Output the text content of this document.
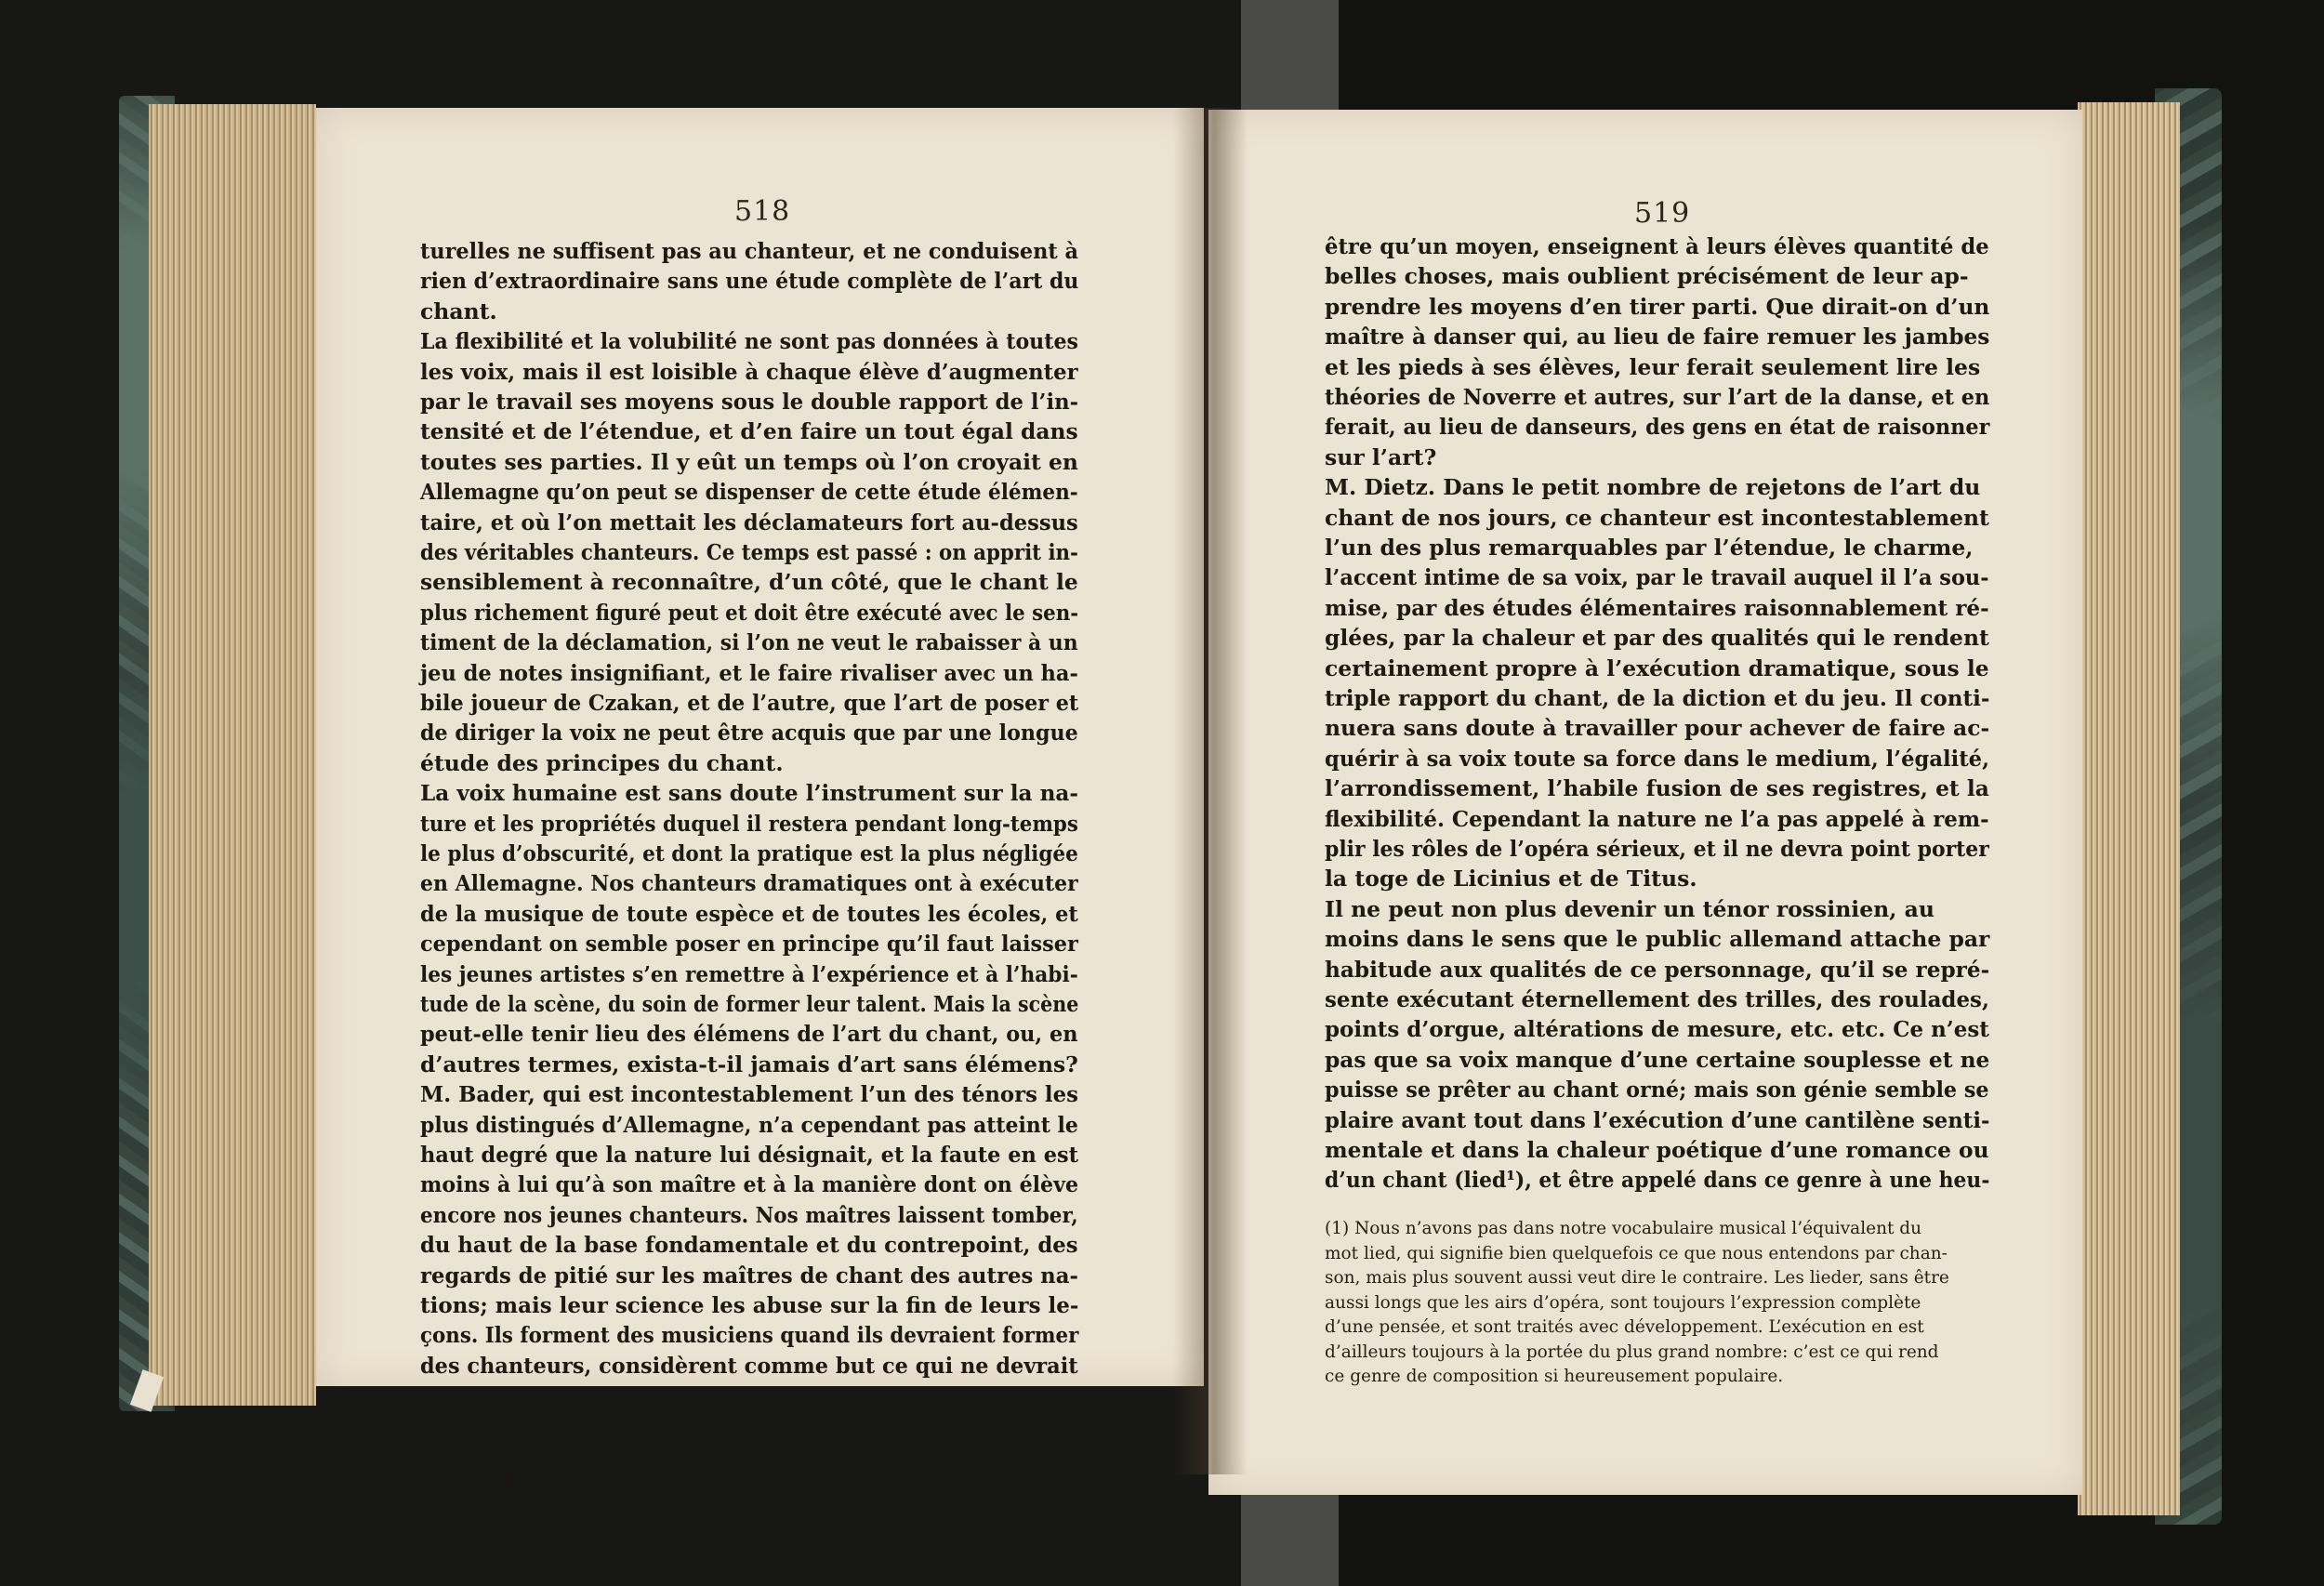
518	519
turelles ne suffisent pas au chanteur, et ne conduisent à
rien d’extraordinaire sans une étude complète de l’art du
chant.
La flexibilité et la volubilité ne sont pas données à toutes
les voix, mais il est loisible à chaque élève d’augmenter
par le travail ses moyens sous le double rapport de l’in-
tensité et de l’étendue, et d’en faire un tout égal dans
toutes ses parties. Il y eût un temps où l’on croyait en
Allemagne qu’on peut se dispenser de cette étude élémen-
taire, et où l’on mettait les déclamateurs fort au-dessus
des véritables chanteurs. Ce temps est passé : on apprit in-
sensiblement à reconnaître, d’un côté, que le chant le
plus richement figuré peut et doit être exécuté avec le sen-
timent de la déclamation, si l’on ne veut le rabaisser à un
jeu de notes insignifiant, et le faire rivaliser avec un ha-
bile joueur de Czakan, et de l’autre, que l’art de poser et
de diriger la voix ne peut être acquis que par une longue
étude des principes du chant.
La voix humaine est sans doute l’instrument sur la na-
ture et les propriétés duquel il restera pendant long-temps
le plus d’obscurité, et dont la pratique est la plus négligée
en Allemagne. Nos chanteurs dramatiques ont à exécuter
de la musique de toute espèce et de toutes les écoles, et
cependant on semble poser en principe qu’il faut laisser
les jeunes artistes s’en remettre à l’expérience et à l’habi-
tude de la scène, du soin de former leur talent. Mais la scène
peut-elle tenir lieu des élémens de l’art du chant, ou, en
d’autres termes, exista-t-il jamais d’art sans élémens?
M. Bader, qui est incontestablement l’un des ténors les
plus distingués d’Allemagne, n’a cependant pas atteint le
haut degré que la nature lui désignait, et la faute en est
moins à lui qu’à son maître et à la manière dont on élève
encore nos jeunes chanteurs. Nos maîtres laissent tomber,
du haut de la base fondamentale et du contrepoint, des
regards de pitié sur les maîtres de chant des autres na-
tions; mais leur science les abuse sur la fin de leurs le-
çons. Ils forment des musiciens quand ils devraient former
des chanteurs, considèrent comme but ce qui ne devrait
être qu’un moyen, enseignent à leurs élèves quantité de
belles choses, mais oublient précisément de leur ap-
prendre les moyens d’en tirer parti. Que dirait-on d’un
maître à danser qui, au lieu de faire remuer les jambes
et les pieds à ses élèves, leur ferait seulement lire les
théories de Noverre et autres, sur l’art de la danse, et en
ferait, au lieu de danseurs, des gens en état de raisonner
sur l’art?
M. Dietz. Dans le petit nombre de rejetons de l’art du
chant de nos jours, ce chanteur est incontestablement
l’un des plus remarquables par l’étendue, le charme,
l’accent intime de sa voix, par le travail auquel il l’a sou-
mise, par des études élémentaires raisonnablement ré-
glées, par la chaleur et par des qualités qui le rendent
certainement propre à l’exécution dramatique, sous le
triple rapport du chant, de la diction et du jeu. Il conti-
nuera sans doute à travailler pour achever de faire ac-
quérir à sa voix toute sa force dans le medium, l’égalité,
l’arrondissement, l’habile fusion de ses registres, et la
flexibilité. Cependant la nature ne l’a pas appelé à rem-
plir les rôles de l’opéra sérieux, et il ne devra point porter
la toge de Licinius et de Titus.
Il ne peut non plus devenir un ténor rossinien, au
moins dans le sens que le public allemand attache par
habitude aux qualités de ce personnage, qu’il se repré-
sente exécutant éternellement des trilles, des roulades,
points d’orgue, altérations de mesure, etc. etc. Ce n’est
pas que sa voix manque d’une certaine souplesse et ne
puisse se prêter au chant orné; mais son génie semble se
plaire avant tout dans l’exécution d’une cantilène senti-
mentale et dans la chaleur poétique d’une romance ou
d’un chant (lied¹), et être appelé dans ce genre à une heu-
(1) Nous n’avons pas dans notre vocabulaire musical l’équivalent du
mot lied, qui signifie bien quelquefois ce que nous entendons par chan-
son, mais plus souvent aussi veut dire le contraire. Les lieder, sans être
aussi longs que les airs d’opéra, sont toujours l’expression complète
d’une pensée, et sont traités avec développement. L’exécution en est
d’ailleurs toujours à la portée du plus grand nombre: c’est ce qui rend
ce genre de composition si heureusement populaire.
